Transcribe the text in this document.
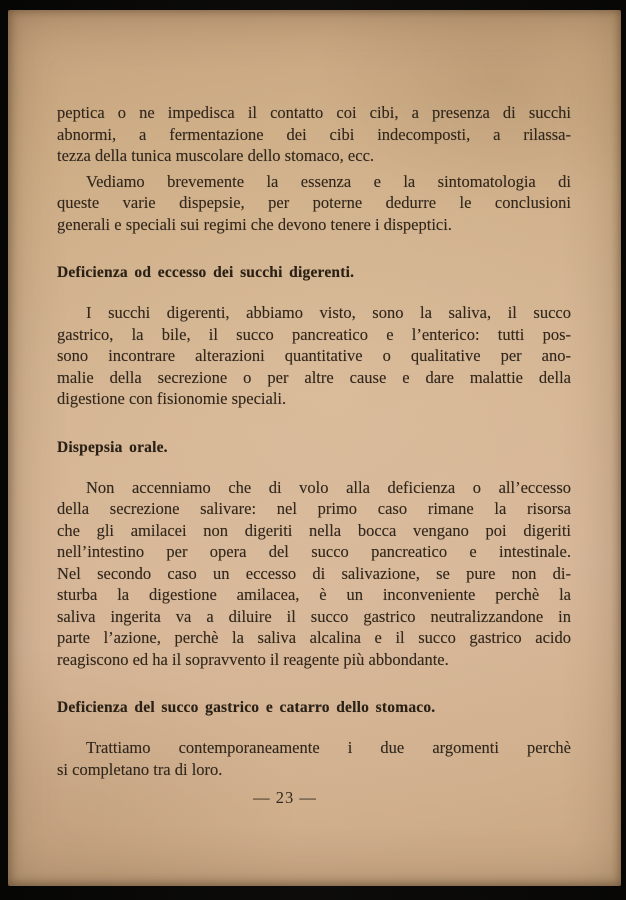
peptica o ne impedisca il contatto coi cibi, a presenza di succhi
abnormi, a fermentazione dei cibi indecomposti, a rilassa-
tezza della tunica muscolare dello stomaco, ecc.
Vediamo brevemente la essenza e la sintomatologia di
queste varie dispepsie, per poterne dedurre le conclusioni
generali e speciali sui regimi che devono tenere i dispeptici.
Deficienza od eccesso dei succhi digerenti.
I succhi digerenti, abbiamo visto, sono la saliva, il succo
gastrico, la bile, il succo pancreatico e l’enterico: tutti pos-
sono incontrare alterazioni quantitative o qualitative per ano-
malie della secrezione o per altre cause e dare malattie della
digestione con fisionomie speciali.
Dispepsia orale.
Non accenniamo che di volo alla deficienza o all’eccesso
della secrezione salivare: nel primo caso rimane la risorsa
che gli amilacei non digeriti nella bocca vengano poi digeriti
nell’intestino per opera del succo pancreatico e intestinale.
Nel secondo caso un eccesso di salivazione, se pure non di-
sturba la digestione amilacea, è un inconveniente perchè la
saliva ingerita va a diluire il succo gastrico neutralizzandone in
parte l’azione, perchè la saliva alcalina e il succo gastrico acido
reagiscono ed ha il sopravvento il reagente più abbondante.
Deficienza del succo gastrico e catarro dello stomaco.
Trattiamo contemporaneamente i due argomenti perchè
si completano tra di loro.
— 23 —
